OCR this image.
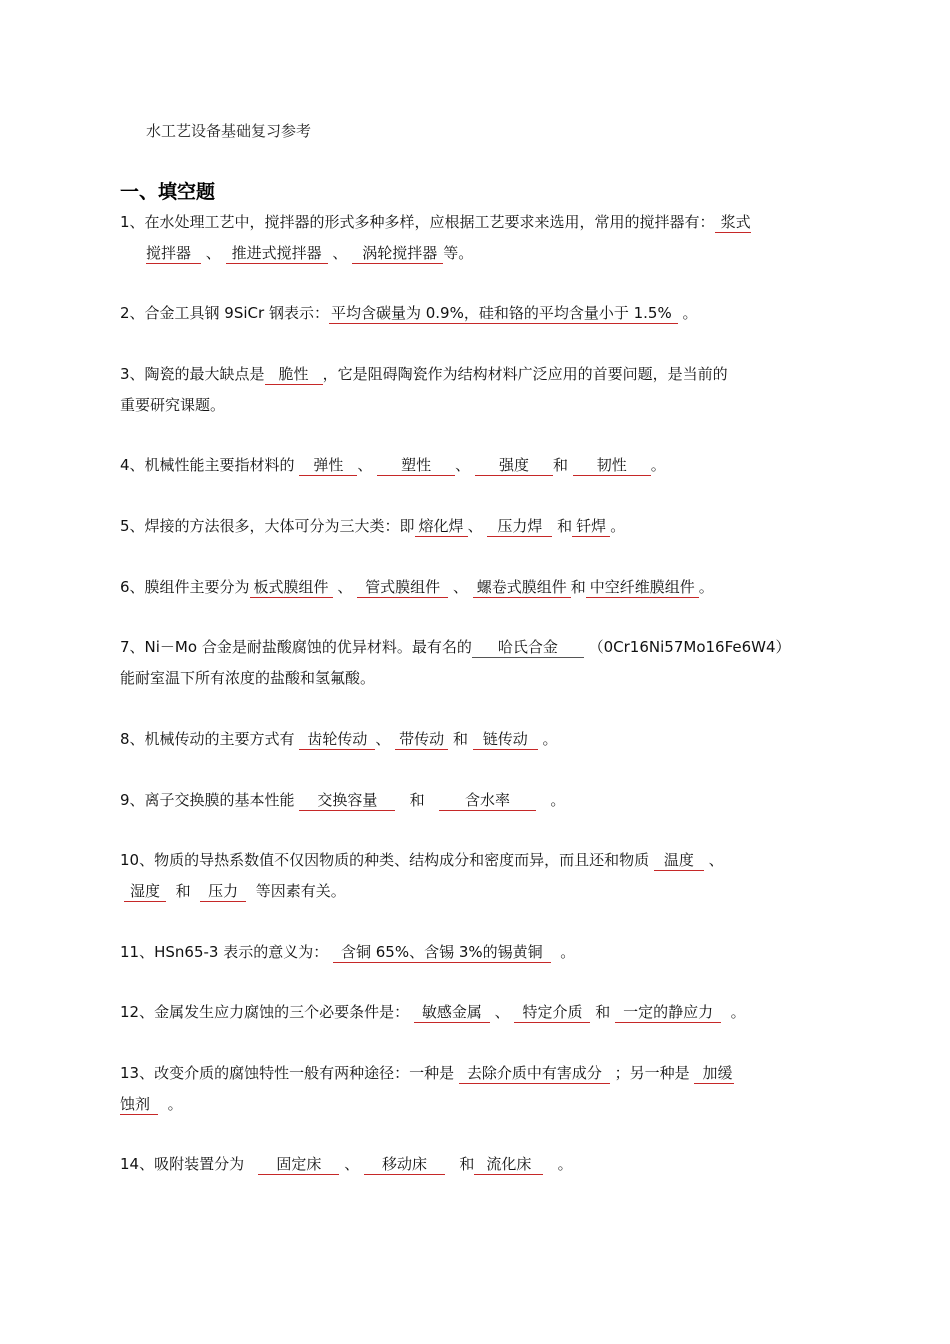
水工艺设备基础复习参考
一、填空题
1、在水处理工艺中，搅拌器的形式多种多样，应根据工艺要求来选用，常用的搅拌器有： 浆式
搅拌器 、 推进式搅拌器 、 涡轮搅拌器 等。
2、合金工具钢 9SiCr 钢表示： 平均含碳量为 0.9%，硅和铬的平均含量小于 1.5% 。
3、陶瓷的最大缺点是 脆性 ，它是阻碍陶瓷作为结构材料广泛应用的首要问题，是当前的
重要研究课题。
4、机械性能主要指材料的 弹性 、 塑性 、 强度 和 韧性 。
5、焊接的方法很多，大体可分为三大类：即 熔化焊 、 压力焊 和 钎焊 。
6、膜组件主要分为 板式膜组件 、 管式膜组件 、 螺卷式膜组件 和 中空纤维膜组件 。
7、Ni－Mo 合金是耐盐酸腐蚀的优异材料。最有名的 哈氏合金 （0Cr16Ni57Mo16Fe6W4）
能耐室温下所有浓度的盐酸和氢氟酸。
8、机械传动的主要方式有 齿轮传动 、 带传动 和 链传动 。
9、离子交换膜的基本性能 交换容量 和	含水率	。
10、物质的导热系数值不仅因物质的种类、结构成分和密度而异，而且还和物质 温度 、
湿度 和 压力 等因素有关。
11、HSn65-3 表示的意义为： 含铜 65%、含锡 3%的锡黄铜 。
12、金属发生应力腐蚀的三个必要条件是： 敏感金属 、 特定介质 和 一定的静应力 。
13、改变介质的腐蚀特性一般有两种途径：一种是 去除介质中有害成分 ；另一种是 加缓
蚀剂 。
14、吸附装置分为 固定床 、 移动床 和 流化床 。
